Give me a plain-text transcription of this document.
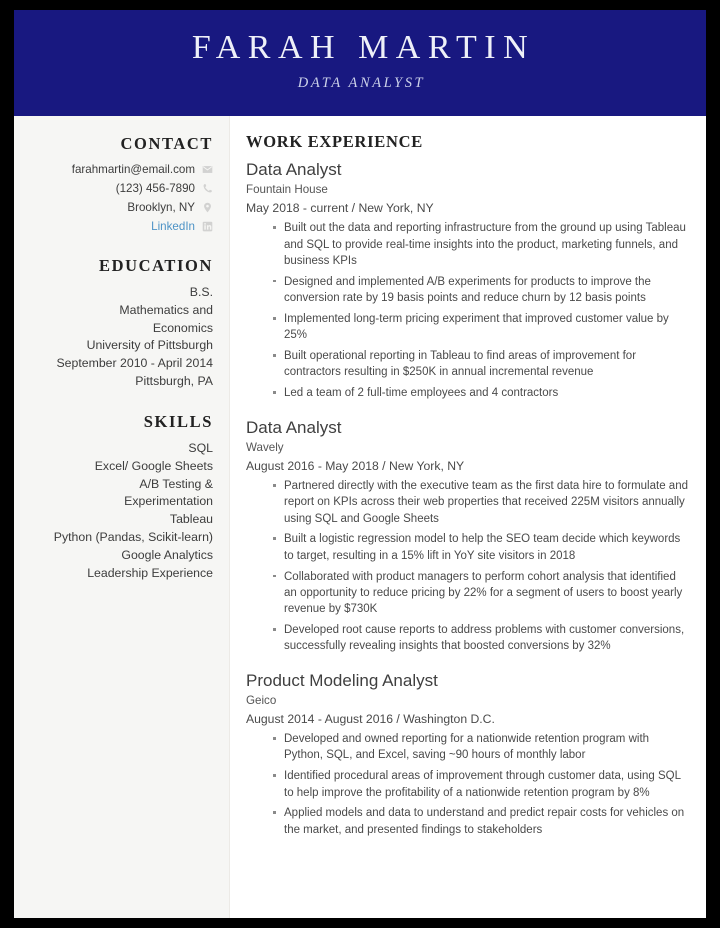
FARAH MARTIN
DATA ANALYST
CONTACT
farahmartin@email.com
(123) 456-7890
Brooklyn, NY
LinkedIn
EDUCATION
B.S.
Mathematics and
Economics
University of Pittsburgh
September 2010 - April 2014
Pittsburgh, PA
SKILLS
SQL
Excel/ Google Sheets
A/B Testing &
Experimentation
Tableau
Python (Pandas, Scikit-learn)
Google Analytics
Leadership Experience
WORK EXPERIENCE
Data Analyst
Fountain House
May 2018 - current / New York, NY
Built out the data and reporting infrastructure from the ground up using Tableau and SQL to provide real-time insights into the product, marketing funnels, and business KPIs
Designed and implemented A/B experiments for products to improve the conversion rate by 19 basis points and reduce churn by 12 basis points
Implemented long-term pricing experiment that improved customer value by 25%
Built operational reporting in Tableau to find areas of improvement for contractors resulting in $250K in annual incremental revenue
Led a team of 2 full-time employees and 4 contractors
Data Analyst
Wavely
August 2016 - May 2018 / New York, NY
Partnered directly with the executive team as the first data hire to formulate and report on KPIs across their web properties that received 225M visitors annually using SQL and Google Sheets
Built a logistic regression model to help the SEO team decide which keywords to target, resulting in a 15% lift in YoY site visitors in 2018
Collaborated with product managers to perform cohort analysis that identified an opportunity to reduce pricing by 22% for a segment of users to boost yearly revenue by $730K
Developed root cause reports to address problems with customer conversions, successfully revealing insights that boosted conversions by 32%
Product Modeling Analyst
Geico
August 2014 - August 2016 / Washington D.C.
Developed and owned reporting for a nationwide retention program with Python, SQL, and Excel, saving ~90 hours of monthly labor
Identified procedural areas of improvement through customer data, using SQL to help improve the profitability of a nationwide retention program by 8%
Applied models and data to understand and predict repair costs for vehicles on the market, and presented findings to stakeholders
